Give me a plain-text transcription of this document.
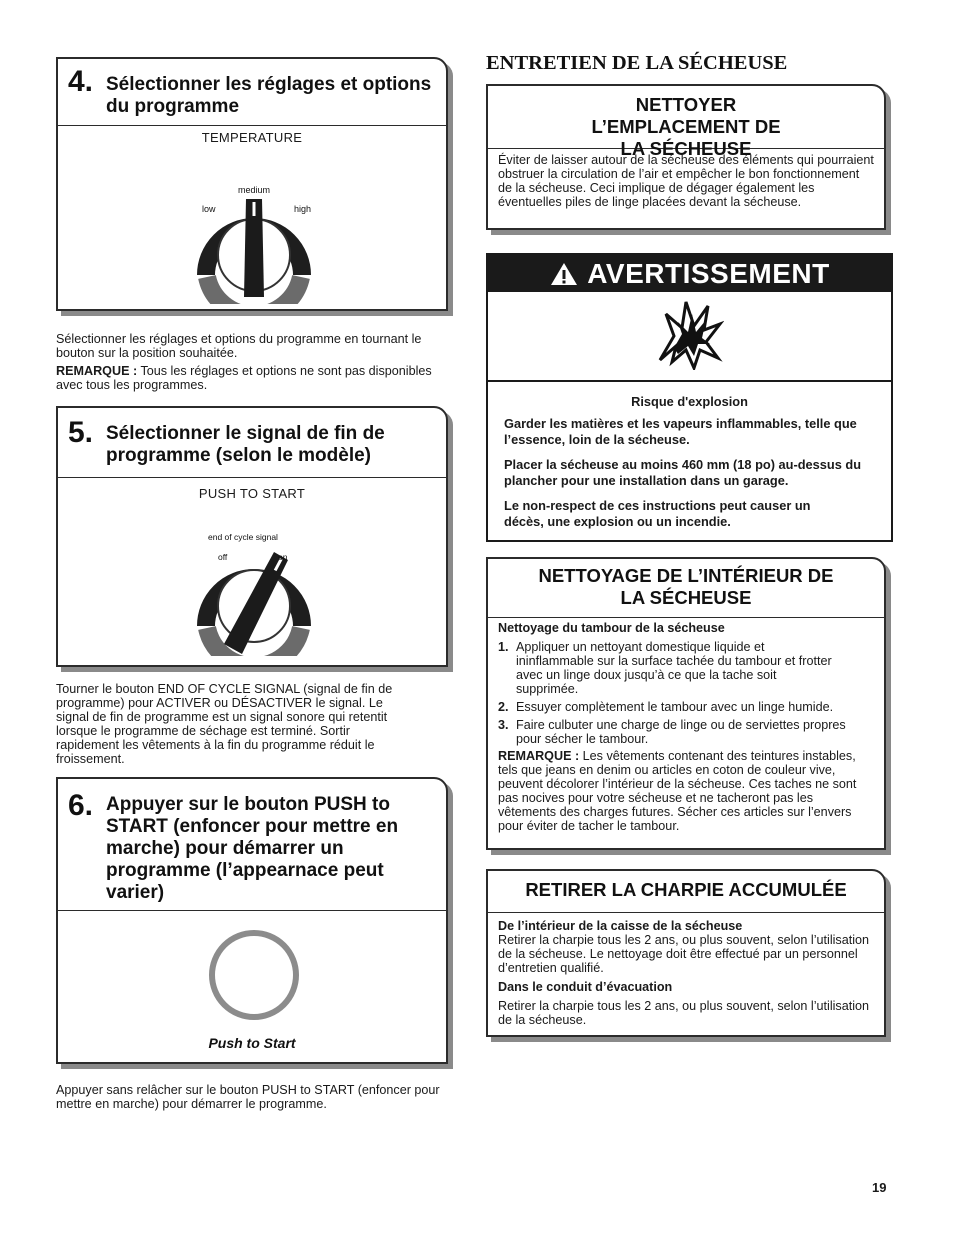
4. Sélectionner les réglages et options du programme
TEMPERATURE
low
medium
high
Sélectionner les réglages et options du programme en tournant le bouton sur la position souhaitée.
REMARQUE : Tous les réglages et options ne sont pas disponibles avec tous les programmes.
5. Sélectionner le signal de fin de programme (selon le modèle)
PUSH TO START
end of cycle signal
off	on
Tourner le bouton END OF CYCLE SIGNAL (signal de fin de programme) pour ACTIVER ou DÉSACTIVER le signal. Le signal de fin de programme est un signal sonore qui retentit lorsque le programme de séchage est terminé. Sortir rapidement les vêtements à la fin du programme réduit le froissement.
6. Appuyer sur le bouton PUSH to START (enfoncer pour mettre en marche) pour démarrer un programme (l’appearnace peut varier)
Push to Start
Appuyer sans relâcher sur le bouton PUSH to START (enfoncer pour mettre en marche) pour démarrer le programme.
ENTRETIEN DE LA SÉCHEUSE
NETTOYER L’EMPLACEMENT DE LA SÉCHEUSE
Éviter de laisser autour de la sécheuse des éléments qui pourraient obstruer la circulation de l’air et empêcher le bon fonctionnement de la sécheuse. Ceci implique de dégager également les éventuelles piles de linge placées devant la sécheuse.
AVERTISSEMENT
Risque d'explosion
Garder les matières et les vapeurs inflammables, telle que l’essence, loin de la sécheuse.
Placer la sécheuse au moins 460 mm (18 po) au-dessus du plancher pour une installation dans un garage.
Le non-respect de ces instructions peut causer un décès, une explosion ou un incendie.
NETTOYAGE DE L’INTÉRIEUR DE LA SÉCHEUSE
Nettoyage du tambour de la sécheuse
1. Appliquer un nettoyant domestique liquide et ininflammable sur la surface tachée du tambour et frotter avec un linge doux jusqu’à ce que la tache soit supprimée.
2. Essuyer complètement le tambour avec un linge humide.
3. Faire culbuter une charge de linge ou de serviettes propres pour sécher le tambour.
REMARQUE : Les vêtements contenant des teintures instables, tels que jeans en denim ou articles en coton de couleur vive, peuvent décolorer l’intérieur de la sécheuse. Ces taches ne sont pas nocives pour votre sécheuse et ne tacheront pas les vêtements des charges futures. Sécher ces articles sur l’envers pour éviter de tacher le tambour.
RETIRER LA CHARPIE ACCUMULÉE
De l’intérieur de la caisse de la sécheuse
Retirer la charpie tous les 2 ans, ou plus souvent, selon l’utilisation de la sécheuse. Le nettoyage doit être effectué par un personnel d’entretien qualifié.
Dans le conduit d’évacuation
Retirer la charpie tous les 2 ans, ou plus souvent, selon l’utilisation de la sécheuse.
19
